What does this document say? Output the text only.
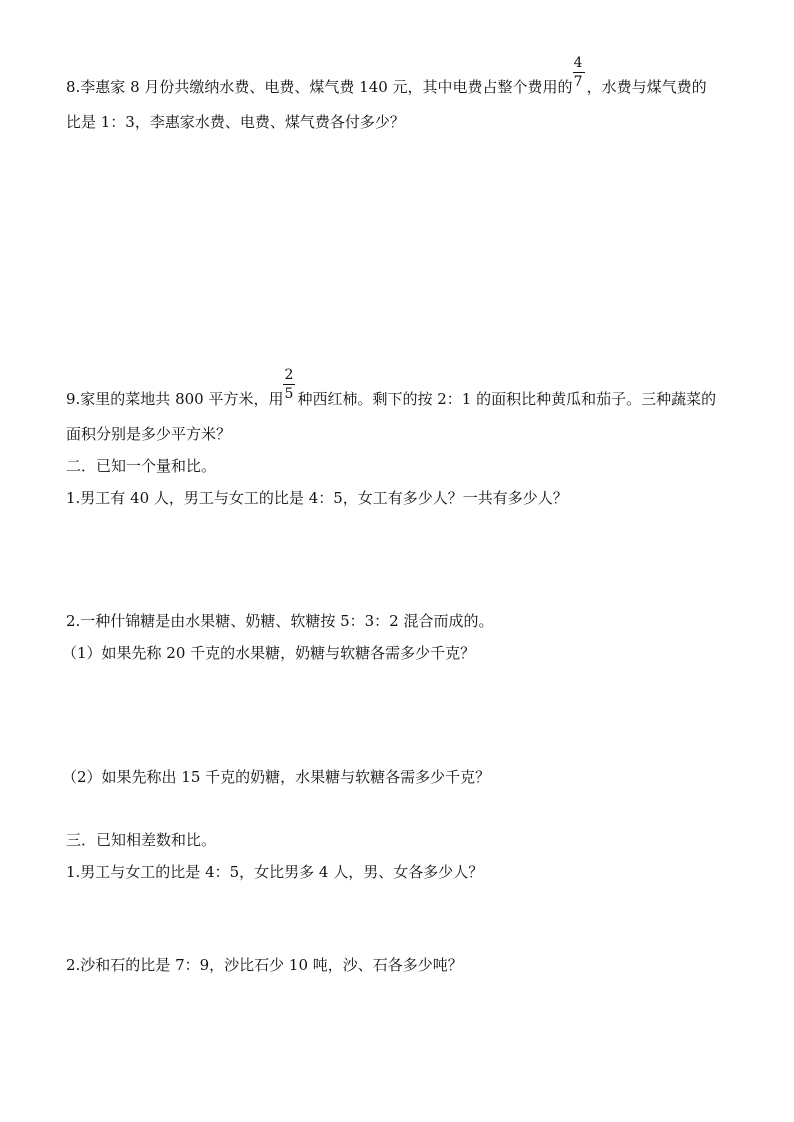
8.李惠家 8 月份共缴纳水费、电费、煤气费 140 元，其中电费占整个费用的 $\frac{4}{7}$ ，水费与煤气费的
比是 1：3，李惠家水费、电费、煤气费各付多少？
9.家里的菜地共 800 平方米，用 $\frac{2}{5}$ 种西红柿。剩下的按 2：1 的面积比种黄瓜和茄子。三种蔬菜的
面积分别是多少平方米？
二．已知一个量和比。
1.男工有 40 人，男工与女工的比是 4：5，女工有多少人？一共有多少人？
2.一种什锦糖是由水果糖、奶糖、软糖按 5：3：2 混合而成的。
（1）如果先称 20 千克的水果糖，奶糖与软糖各需多少千克？
（2）如果先称出 15 千克的奶糖，水果糖与软糖各需多少千克？
三．已知相差数和比。
1.男工与女工的比是 4：5，女比男多 4 人，男、女各多少人？
2.沙和石的比是 7：9，沙比石少 10 吨，沙、石各多少吨？
